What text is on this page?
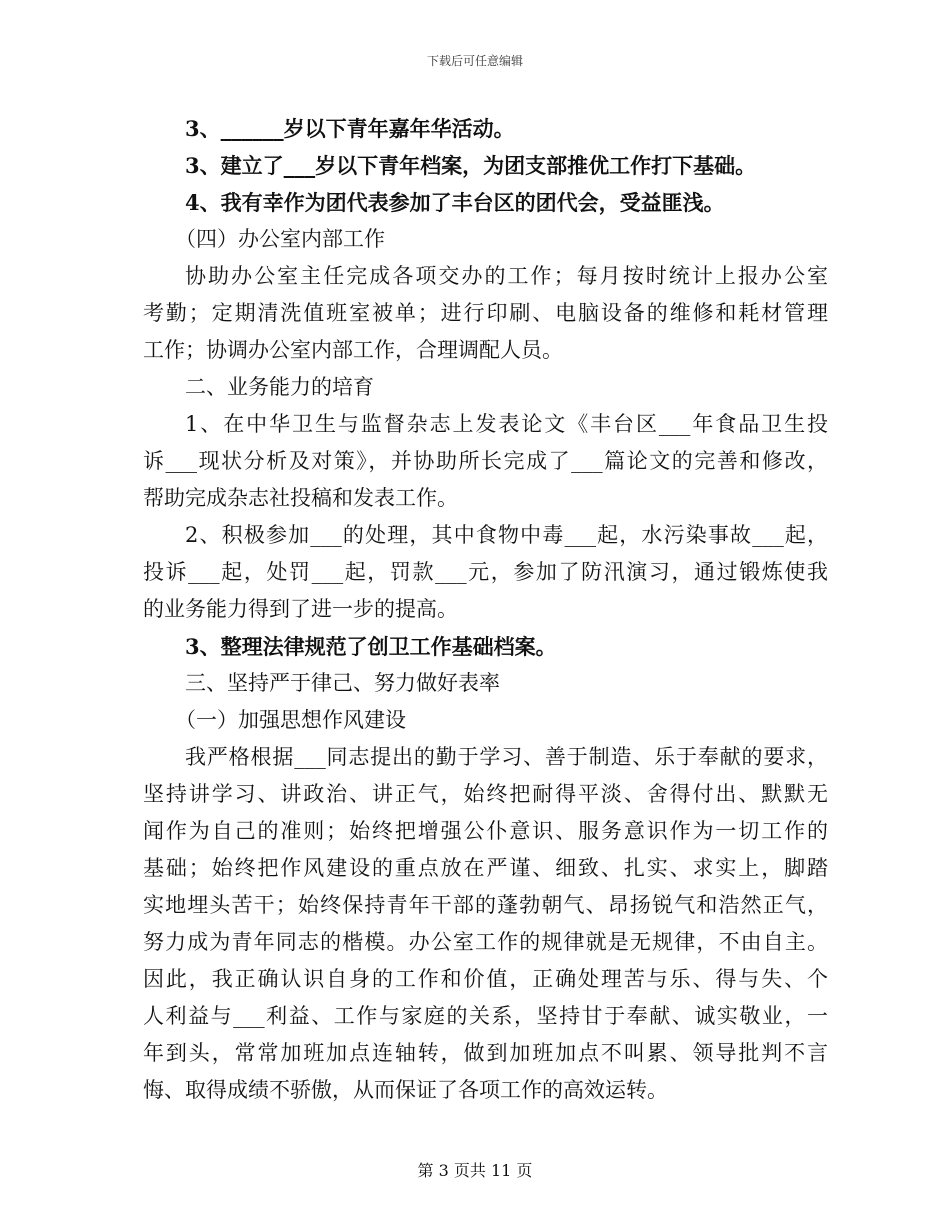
下载后可任意编辑
3、______岁以下青年嘉年华活动。
3、建立了___岁以下青年档案，为团支部推优工作打下基础。
4、我有幸作为团代表参加了丰台区的团代会，受益匪浅。
（四）办公室内部工作
协助办公室主任完成各项交办的工作；每月按时统计上报办公室
考勤；定期清洗值班室被单；进行印刷、电脑设备的维修和耗材管理
工作；协调办公室内部工作，合理调配人员。
二、业务能力的培育
1、在中华卫生与监督杂志上发表论文《丰台区___年食品卫生投
诉___现状分析及对策》，并协助所长完成了___篇论文的完善和修改，
帮助完成杂志社投稿和发表工作。
2、积极参加___的处理，其中食物中毒___起，水污染事故___起，
投诉___起，处罚___起，罚款___元，参加了防汛演习，通过锻炼使我
的业务能力得到了进一步的提高。
3、整理法律规范了创卫工作基础档案。
三、坚持严于律己、努力做好表率
（一）加强思想作风建设
我严格根据___同志提出的勤于学习、善于制造、乐于奉献的要求，
坚持讲学习、讲政治、讲正气，始终把耐得平淡、舍得付出、默默无
闻作为自己的准则；始终把增强公仆意识、服务意识作为一切工作的
基础；始终把作风建设的重点放在严谨、细致、扎实、求实上，脚踏
实地埋头苦干；始终保持青年干部的蓬勃朝气、昂扬锐气和浩然正气，
努力成为青年同志的楷模。办公室工作的规律就是无规律，不由自主。
因此，我正确认识自身的工作和价值，正确处理苦与乐、得与失、个
人利益与___利益、工作与家庭的关系，坚持甘于奉献、诚实敬业，一
年到头，常常加班加点连轴转，做到加班加点不叫累、领导批判不言
悔、取得成绩不骄傲，从而保证了各项工作的高效运转。
第 3 页共 11 页
